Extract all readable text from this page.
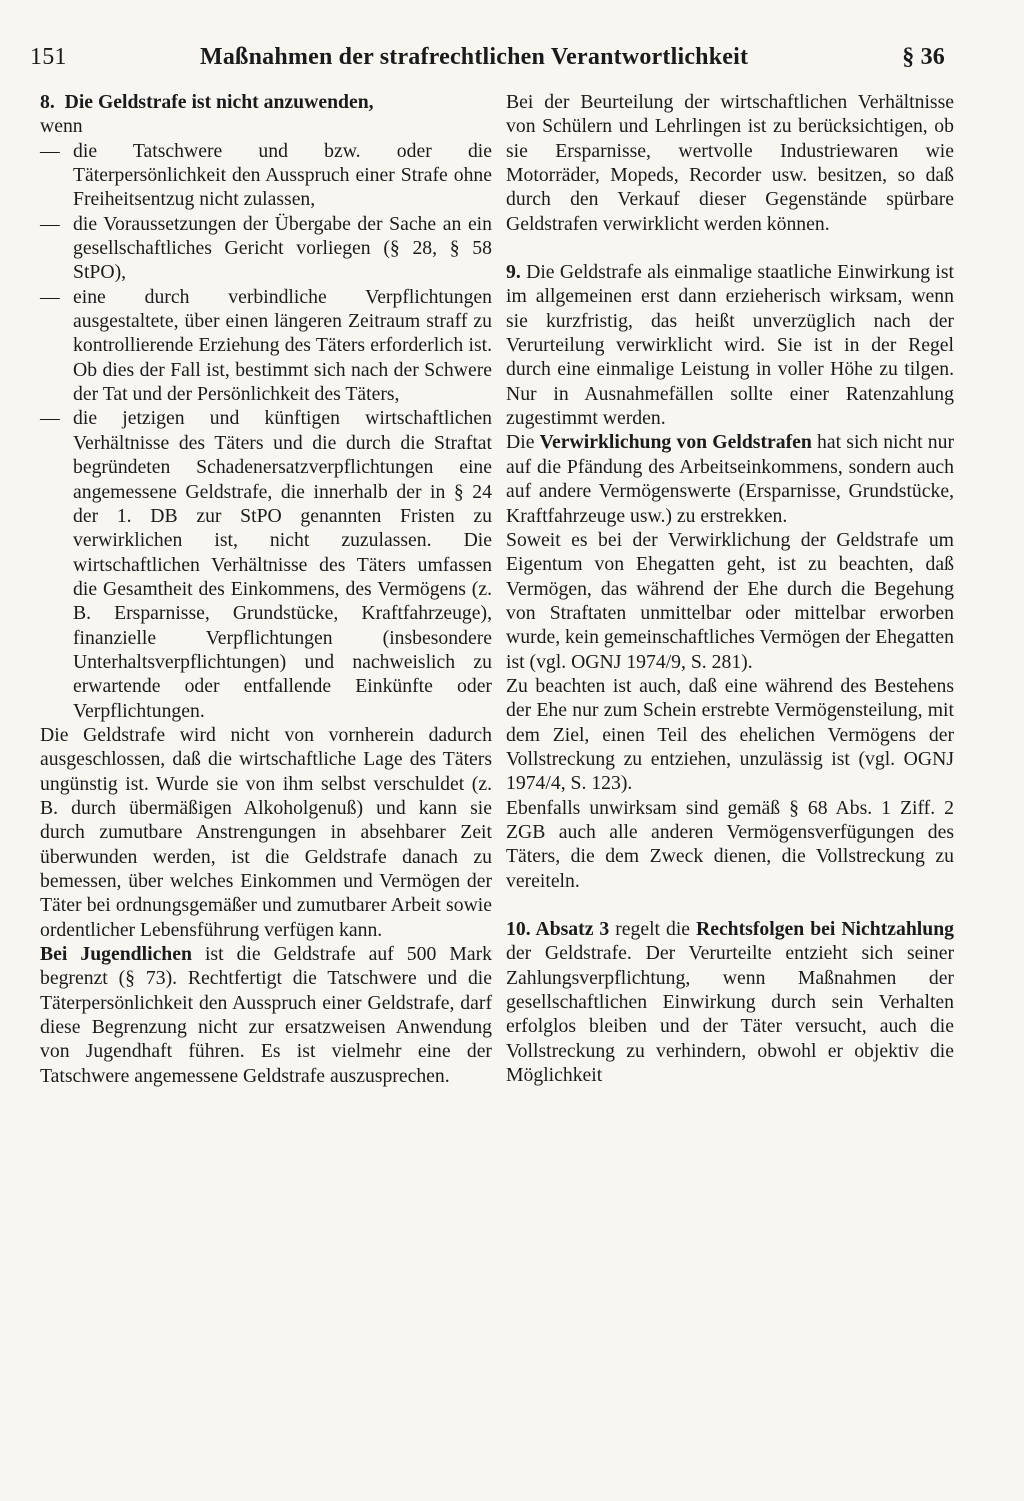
151	Maßnahmen der strafrechtlichen Verantwortlichkeit	§ 36

8. Die Geldstrafe ist nicht anzuwenden,

wenn

— die Tatschwere und bzw. oder die Täterpersönlichkeit den Ausspruch einer Strafe ohne Freiheitsentzug nicht zulassen,

— die Voraussetzungen der Übergabe der Sache an ein gesellschaftliches Gericht vorliegen (§ 28, § 58 StPO),

— eine durch verbindliche Verpflichtungen ausgestaltete, über einen längeren Zeitraum straff zu kontrollierende Erziehung des Täters erforderlich ist. Ob dies der Fall ist, bestimmt sich nach der Schwere der Tat und der Persönlichkeit des Täters,

— die jetzigen und künftigen wirtschaftlichen Verhältnisse des Täters und die durch die Straftat begründeten Schadenersatzverpflichtungen eine angemessene Geldstrafe, die innerhalb der in § 24 der 1. DB zur StPO genannten Fristen zu verwirklichen ist, nicht zuzulassen. Die wirtschaftlichen Verhältnisse des Täters umfassen die Gesamtheit des Einkommens, des Vermögens (z. B. Ersparnisse, Grundstücke, Kraftfahrzeuge), finanzielle Verpflichtungen (insbesondere Unterhaltsverpflichtungen) und nachweislich zu erwartende oder entfallende Einkünfte oder Verpflichtungen.

Die Geldstrafe wird nicht von vornherein dadurch ausgeschlossen, daß die wirtschaftliche Lage des Täters ungünstig ist. Wurde sie von ihm selbst verschuldet (z. B. durch übermäßigen Alkoholgenuß) und kann sie durch zumutbare Anstrengungen in absehbarer Zeit überwunden werden, ist die Geldstrafe danach zu bemessen, über welches Einkommen und Vermögen der Täter bei ordnungsgemäßer und zumutbarer Arbeit sowie ordentlicher Lebensführung verfügen kann.

Bei Jugendlichen ist die Geldstrafe auf 500 Mark begrenzt (§ 73). Rechtfertigt die Tatschwere und die Täterpersönlichkeit den Ausspruch einer Geldstrafe, darf diese Begrenzung nicht zur ersatzweisen Anwendung von Jugendhaft führen. Es ist vielmehr eine der Tatschwere angemessene Geldstrafe auszusprechen.

Bei der Beurteilung der wirtschaftlichen Verhältnisse von Schülern und Lehrlingen ist zu berücksichtigen, ob sie Ersparnisse, wertvolle Industriewaren wie Motorräder, Mopeds, Recorder usw. besitzen, so daß durch den Verkauf dieser Gegenstände spürbare Geldstrafen verwirklicht werden können.

9. Die Geldstrafe als einmalige staatliche Einwirkung ist im allgemeinen erst dann erzieherisch wirksam, wenn sie kurzfristig, das heißt unverzüglich nach der Verurteilung verwirklicht wird. Sie ist in der Regel durch eine einmalige Leistung in voller Höhe zu tilgen. Nur in Ausnahmefällen sollte einer Ratenzahlung zugestimmt werden.

Die Verwirklichung von Geldstrafen hat sich nicht nur auf die Pfändung des Arbeitseinkommens, sondern auch auf andere Vermögenswerte (Ersparnisse, Grundstücke, Kraftfahrzeuge usw.) zu erstrekken.

Soweit es bei der Verwirklichung der Geldstrafe um Eigentum von Ehegatten geht, ist zu beachten, daß Vermögen, das während der Ehe durch die Begehung von Straftaten unmittelbar oder mittelbar erworben wurde, kein gemeinschaftliches Vermögen der Ehegatten ist (vgl. OGNJ 1974/9, S. 281).

Zu beachten ist auch, daß eine während des Bestehens der Ehe nur zum Schein erstrebte Vermögensteilung, mit dem Ziel, einen Teil des ehelichen Vermögens der Vollstreckung zu entziehen, unzulässig ist (vgl. OGNJ 1974/4, S. 123).

Ebenfalls unwirksam sind gemäß § 68 Abs. 1 Ziff. 2 ZGB auch alle anderen Vermögensverfügungen des Täters, die dem Zweck dienen, die Vollstreckung zu vereiteln.

10. Absatz 3 regelt die Rechtsfolgen bei Nichtzahlung der Geldstrafe. Der Verurteilte entzieht sich seiner Zahlungsverpflichtung, wenn Maßnahmen der gesellschaftlichen Einwirkung durch sein Verhalten erfolglos bleiben und der Täter versucht, auch die Vollstreckung zu verhindern, obwohl er objektiv die Möglichkeit
